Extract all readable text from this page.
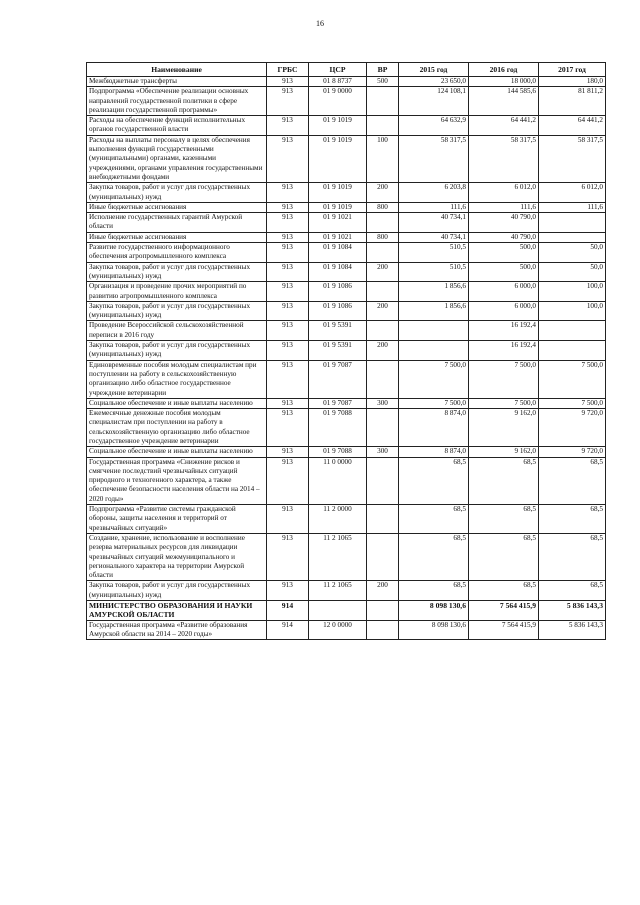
16
Наименование	ГРБС	ЦСР	ВР	2015 год	2016 год	2017 год
Межбюджетные трансферты	913	01 8 8737	500	23 650,0	18 000,0	180,0
Подпрограмма «Обеспечение реализации основных направлений государственной политики в сфере реализации государственной программы»	913	01 9 0000		124 108,1	144 585,6	81 811,2
Расходы на обеспечение функций исполнительных органов государственной власти	913	01 9 1019		64 632,9	64 441,2	64 441,2
Расходы на выплаты персоналу в целях обеспечения выполнения функций государственными (муниципальными) органами, казенными учреждениями, органами управления государственными внебюджетными фондами	913	01 9 1019	100	58 317,5	58 317,5	58 317,5
Закупка товаров, работ и услуг для государственных (муниципальных) нужд	913	01 9 1019	200	6 203,8	6 012,0	6 012,0
Иные бюджетные ассигнования	913	01 9 1019	800	111,6	111,6	111,6
Исполнение государственных гарантий Амурской области	913	01 9 1021		40 734,1	40 790,0	
Иные бюджетные ассигнования	913	01 9 1021	800	40 734,1	40 790,0	
Развитие государственного информационного обеспечения агропромышленного комплекса	913	01 9 1084		510,5	500,0	50,0
Закупка товаров, работ и услуг для государственных (муниципальных) нужд	913	01 9 1084	200	510,5	500,0	50,0
Организация и проведение прочих мероприятий по развитию агропромышленного комплекса	913	01 9 1086		1 856,6	6 000,0	100,0
Закупка товаров, работ и услуг для государственных (муниципальных) нужд	913	01 9 1086	200	1 856,6	6 000,0	100,0
Проведение Всероссийской сельскохозяйственной переписи в 2016 году	913	01 9 5391			16 192,4	
Закупка товаров, работ и услуг для государственных (муниципальных) нужд	913	01 9 5391	200		16 192,4	
Единовременные пособия молодым специалистам при поступлении на работу в сельскохозяйственную организацию либо областное государственное учреждение ветеринарии	913	01 9 7087		7 500,0	7 500,0	7 500,0
Социальное обеспечение и иные выплаты населению	913	01 9 7087	300	7 500,0	7 500,0	7 500,0
Ежемесячные денежные пособия молодым специалистам при поступлении на работу в сельскохозяйственную организацию либо областное государственное учреждение ветеринарии	913	01 9 7088		8 874,0	9 162,0	9 720,0
Социальное обеспечение и иные выплаты населению	913	01 9 7088	300	8 874,0	9 162,0	9 720,0
Государственная программа «Снижение рисков и смягчение последствий чрезвычайных ситуаций природного и техногенного характера, а также обеспечение безопасности населения области на 2014 – 2020 годы»	913	11 0 0000		68,5	68,5	68,5
Подпрограмма «Развитие системы гражданской обороны, защиты населения и территорий от чрезвычайных ситуаций»	913	11 2 0000		68,5	68,5	68,5
Создание, хранение, использование и восполнение резерва материальных ресурсов для ликвидации чрезвычайных ситуаций межмуниципального и регионального характера на территории Амурской области	913	11 2 1065		68,5	68,5	68,5
Закупка товаров, работ и услуг для государственных (муниципальных) нужд	913	11 2 1065	200	68,5	68,5	68,5
МИНИСТЕРСТВО ОБРАЗОВАНИЯ И НАУКИ АМУРСКОЙ ОБЛАСТИ	914			8 098 130,6	7 564 415,9	5 836 143,3
Государственная программа «Развитие образования Амурской области на 2014 – 2020 годы»	914	12 0 0000		8 098 130,6	7 564 415,9	5 836 143,3
